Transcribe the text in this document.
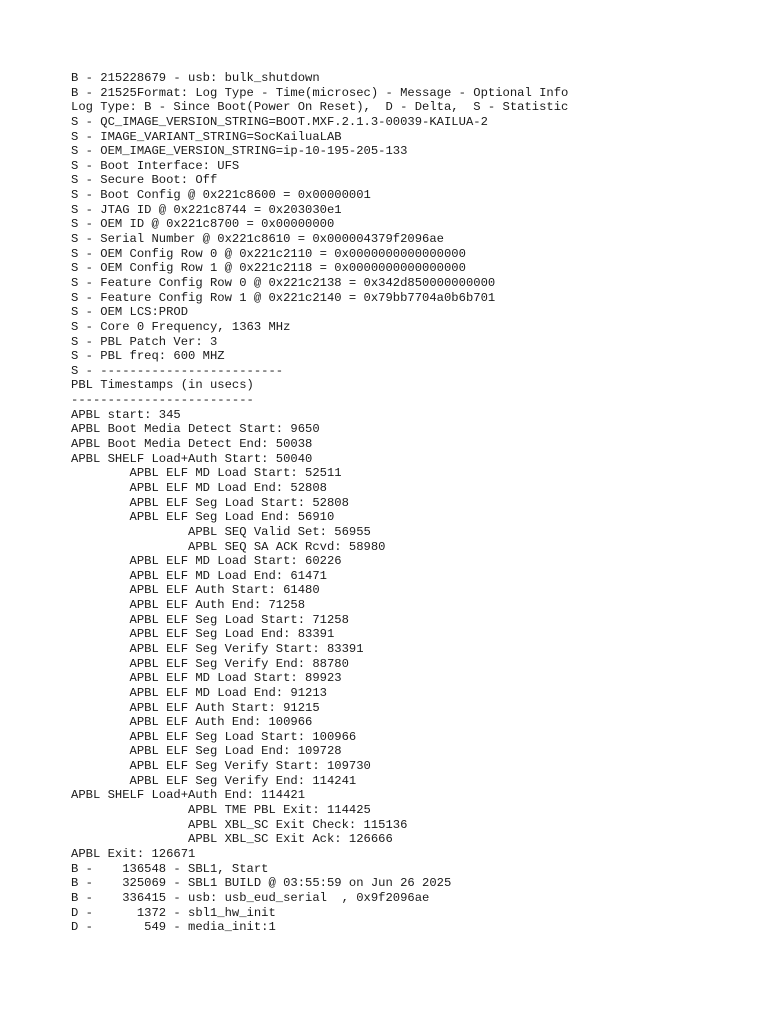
B - 215228679 - usb: bulk_shutdown
B - 21525Format: Log Type - Time(microsec) - Message - Optional Info
Log Type: B - Since Boot(Power On Reset),  D - Delta,  S - Statistic
S - QC_IMAGE_VERSION_STRING=BOOT.MXF.2.1.3-00039-KAILUA-2
S - IMAGE_VARIANT_STRING=SocKailuaLAB
S - OEM_IMAGE_VERSION_STRING=ip-10-195-205-133
S - Boot Interface: UFS
S - Secure Boot: Off
S - Boot Config @ 0x221c8600 = 0x00000001
S - JTAG ID @ 0x221c8744 = 0x203030e1
S - OEM ID @ 0x221c8700 = 0x00000000
S - Serial Number @ 0x221c8610 = 0x000004379f2096ae
S - OEM Config Row 0 @ 0x221c2110 = 0x0000000000000000
S - OEM Config Row 1 @ 0x221c2118 = 0x0000000000000000
S - Feature Config Row 0 @ 0x221c2138 = 0x342d850000000000
S - Feature Config Row 1 @ 0x221c2140 = 0x79bb7704a0b6b701
S - OEM LCS:PROD
S - Core 0 Frequency, 1363 MHz
S - PBL Patch Ver: 3
S - PBL freq: 600 MHZ
S - -------------------------
PBL Timestamps (in usecs)
-------------------------
APBL start: 345
APBL Boot Media Detect Start: 9650
APBL Boot Media Detect End: 50038
APBL SHELF Load+Auth Start: 50040
APBL ELF MD Load Start: 52511
APBL ELF MD Load End: 52808
APBL ELF Seg Load Start: 52808
APBL ELF Seg Load End: 56910
APBL SEQ Valid Set: 56955
APBL SEQ SA ACK Rcvd: 58980
APBL ELF MD Load Start: 60226
APBL ELF MD Load End: 61471
APBL ELF Auth Start: 61480
APBL ELF Auth End: 71258
APBL ELF Seg Load Start: 71258
APBL ELF Seg Load End: 83391
APBL ELF Seg Verify Start: 83391
APBL ELF Seg Verify End: 88780
APBL ELF MD Load Start: 89923
APBL ELF MD Load End: 91213
APBL ELF Auth Start: 91215
APBL ELF Auth End: 100966
APBL ELF Seg Load Start: 100966
APBL ELF Seg Load End: 109728
APBL ELF Seg Verify Start: 109730
APBL ELF Seg Verify End: 114241
APBL SHELF Load+Auth End: 114421
APBL TME PBL Exit: 114425
APBL XBL_SC Exit Check: 115136
APBL XBL_SC Exit Ack: 126666
APBL Exit: 126671
B -    136548 - SBL1, Start
B -    325069 - SBL1 BUILD @ 03:55:59 on Jun 26 2025
B -    336415 - usb: usb_eud_serial  , 0x9f2096ae
D -      1372 - sbl1_hw_init
D -       549 - media_init:1
